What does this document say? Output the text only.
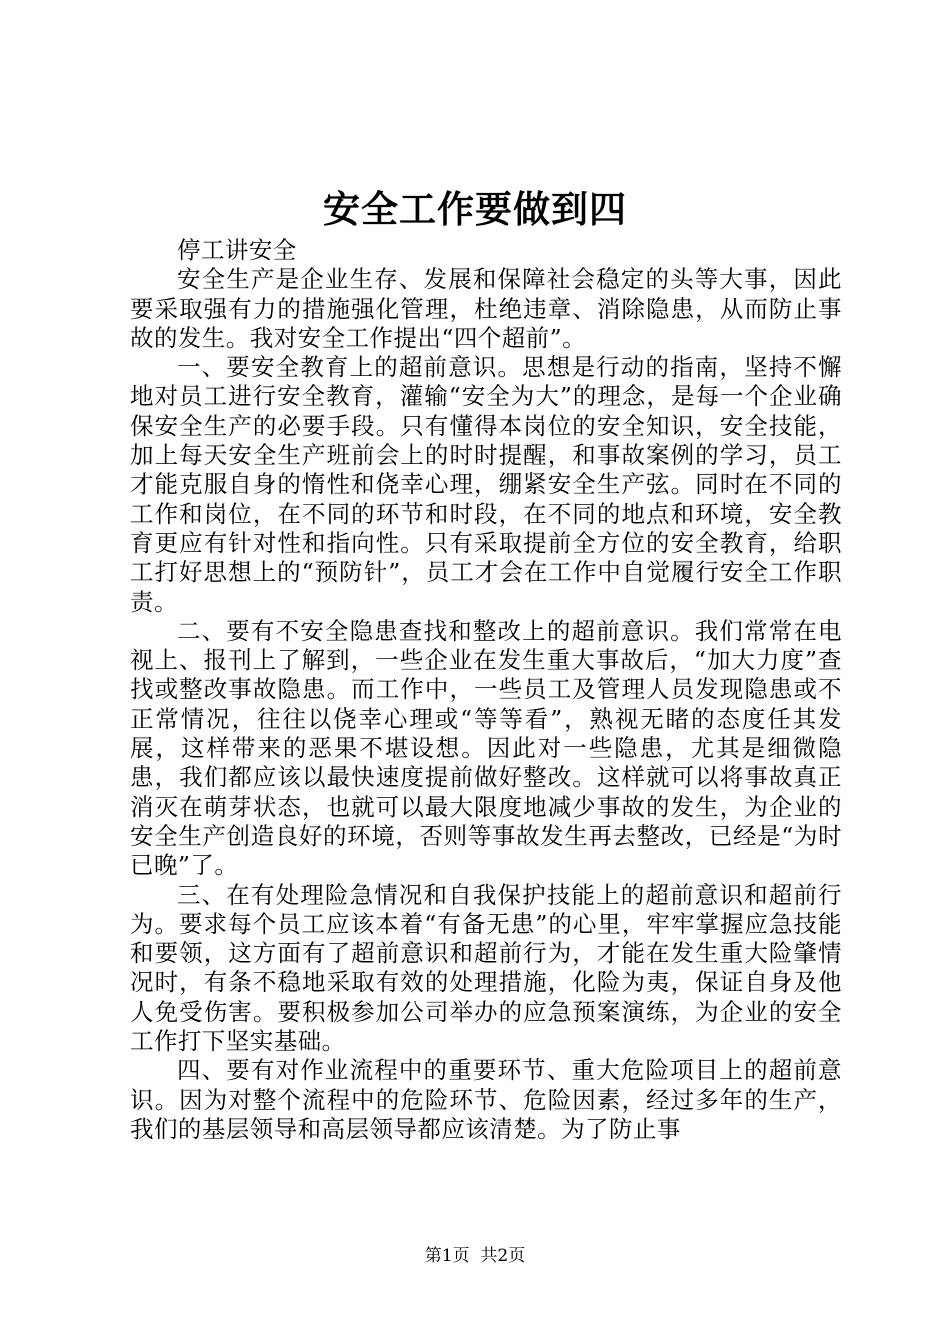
安全工作要做到四

停工讲安全

安全生产是企业生存、发展和保障社会稳定的头等大事，因此要采取强有力的措施强化管理，杜绝违章、消除隐患，从而防止事故的发生。我对安全工作提出“四个超前”。

一、要安全教育上的超前意识。思想是行动的指南，坚持不懈地对员工进行安全教育，灌输“安全为大”的理念，是每一个企业确保安全生产的必要手段。只有懂得本岗位的安全知识，安全技能，加上每天安全生产班前会上的时时提醒，和事故案例的学习，员工才能克服自身的惰性和侥幸心理，绷紧安全生产弦。同时在不同的工作和岗位，在不同的环节和时段，在不同的地点和环境，安全教育更应有针对性和指向性。只有采取提前全方位的安全教育，给职工打好思想上的“预防针”，员工才会在工作中自觉履行安全工作职责。

二、要有不安全隐患查找和整改上的超前意识。我们常常在电视上、报刊上了解到，一些企业在发生重大事故后，“加大力度”查找或整改事故隐患。而工作中，一些员工及管理人员发现隐患或不正常情况，往往以侥幸心理或“等等看”，熟视无睹的态度任其发展，这样带来的恶果不堪设想。因此对一些隐患，尤其是细微隐患，我们都应该以最快速度提前做好整改。这样就可以将事故真正消灭在萌芽状态，也就可以最大限度地减少事故的发生，为企业的安全生产创造良好的环境，否则等事故发生再去整改，已经是“为时已晚”了。

三、在有处理险急情况和自我保护技能上的超前意识和超前行为。要求每个员工应该本着“有备无患”的心里，牢牢掌握应急技能和要领，这方面有了超前意识和超前行为，才能在发生重大险肇情况时，有条不稳地采取有效的处理措施，化险为夷，保证自身及他人免受伤害。要积极参加公司举办的应急预案演练，为企业的安全工作打下坚实基础。

四、要有对作业流程中的重要环节、重大危险项目上的超前意识。因为对整个流程中的危险环节、危险因素，经过多年的生产，我们的基层领导和高层领导都应该清楚。为了防止事

第1页  共2页
